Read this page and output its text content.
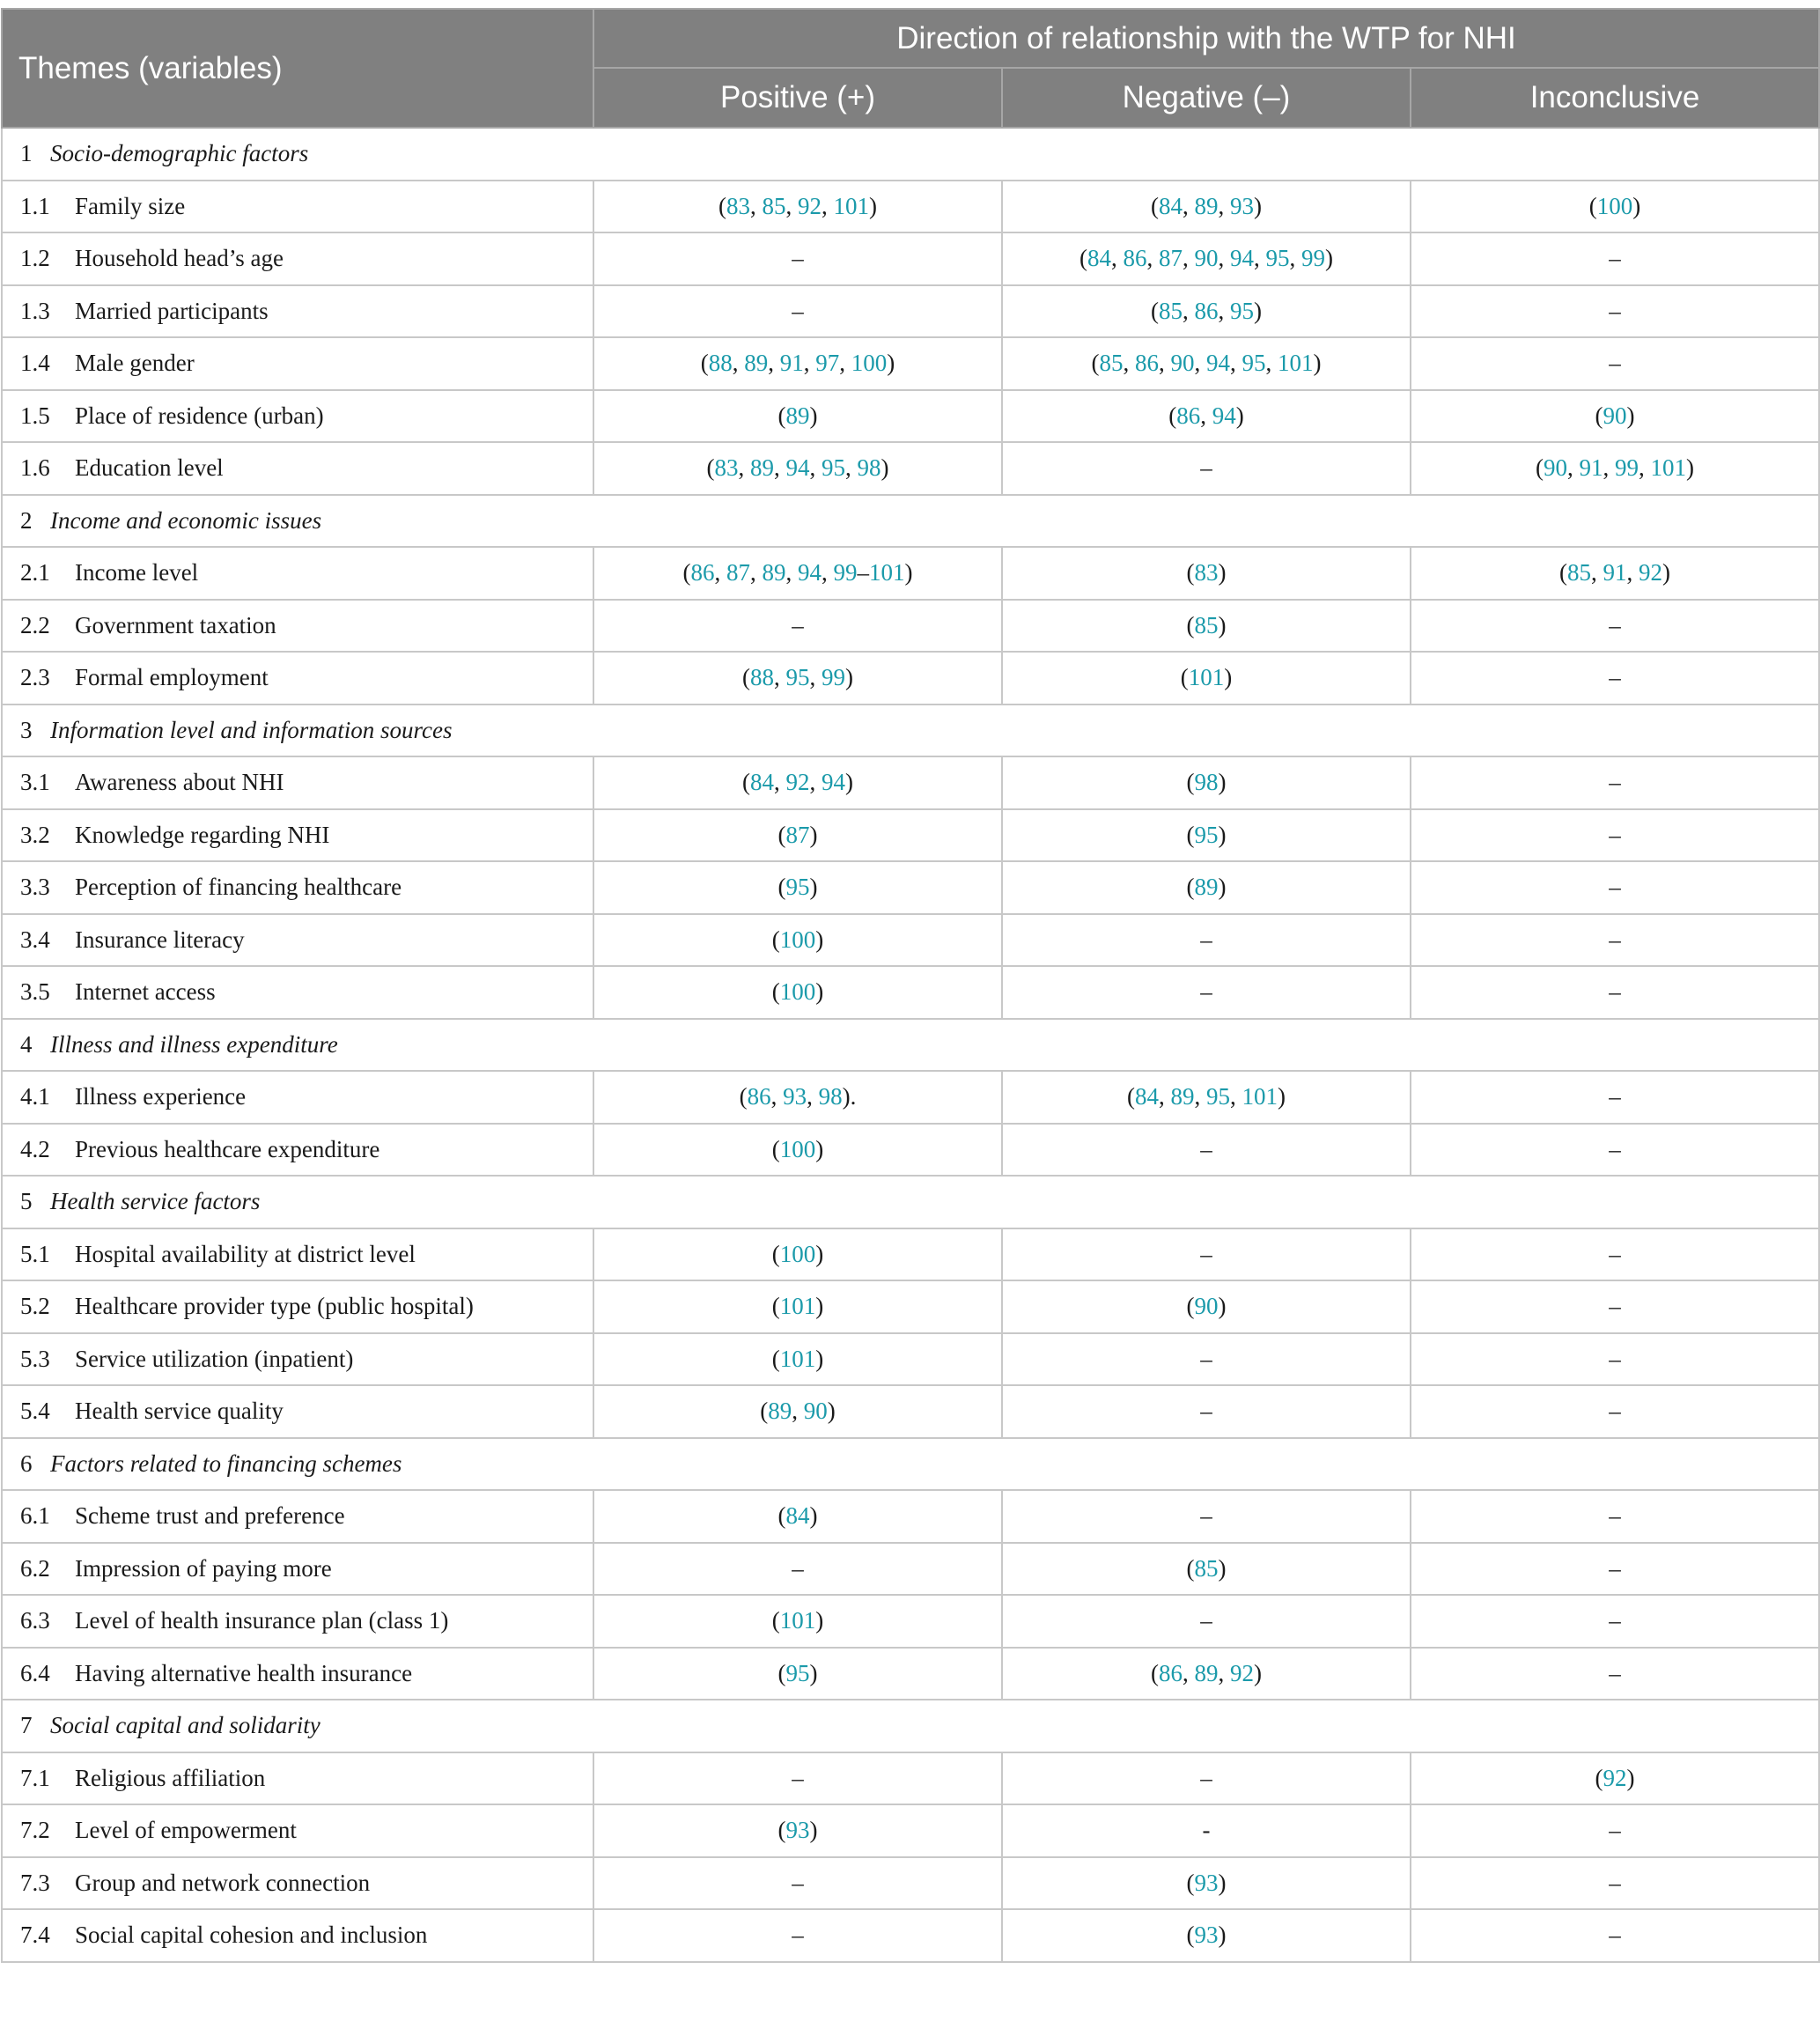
Themes (variables)	Direction of relationship with the WTP for NHI		
	Positive (+)	Negative (–)	Inconclusive
1 Socio-demographic factors			
1.1 Family size	(83, 85, 92, 101)	(84, 89, 93)	(100)
1.2 Household head’s age	–	(84, 86, 87, 90, 94, 95, 99)	–
1.3 Married participants	–	(85, 86, 95)	–
1.4 Male gender	(88, 89, 91, 97, 100)	(85, 86, 90, 94, 95, 101)	–
1.5 Place of residence (urban)	(89)	(86, 94)	(90)
1.6 Education level	(83, 89, 94, 95, 98)	–	(90, 91, 99, 101)
2 Income and economic issues			
2.1 Income level	(86, 87, 89, 94, 99–101)	(83)	(85, 91, 92)
2.2 Government taxation	–	(85)	–
2.3 Formal employment	(88, 95, 99)	(101)	–
3 Information level and information sources			
3.1 Awareness about NHI	(84, 92, 94)	(98)	–
3.2 Knowledge regarding NHI	(87)	(95)	–
3.3 Perception of financing healthcare	(95)	(89)	–
3.4 Insurance literacy	(100)	–	–
3.5 Internet access	(100)	–	–
4 Illness and illness expenditure			
4.1 Illness experience	(86, 93, 98).	(84, 89, 95, 101)	–
4.2 Previous healthcare expenditure	(100)	–	–
5 Health service factors			
5.1 Hospital availability at district level	(100)	–	–
5.2 Healthcare provider type (public hospital)	(101)	(90)	–
5.3 Service utilization (inpatient)	(101)	–	–
5.4 Health service quality	(89, 90)	–	–
6 Factors related to financing schemes			
6.1 Scheme trust and preference	(84)	–	–
6.2 Impression of paying more	–	(85)	–
6.3 Level of health insurance plan (class 1)	(101)	–	–
6.4 Having alternative health insurance	(95)	(86, 89, 92)	–
7 Social capital and solidarity			
7.1 Religious affiliation	–	–	(92)
7.2 Level of empowerment	(93)	-	–
7.3 Group and network connection	–	(93)	–
7.4 Social capital cohesion and inclusion	–	(93)	–
